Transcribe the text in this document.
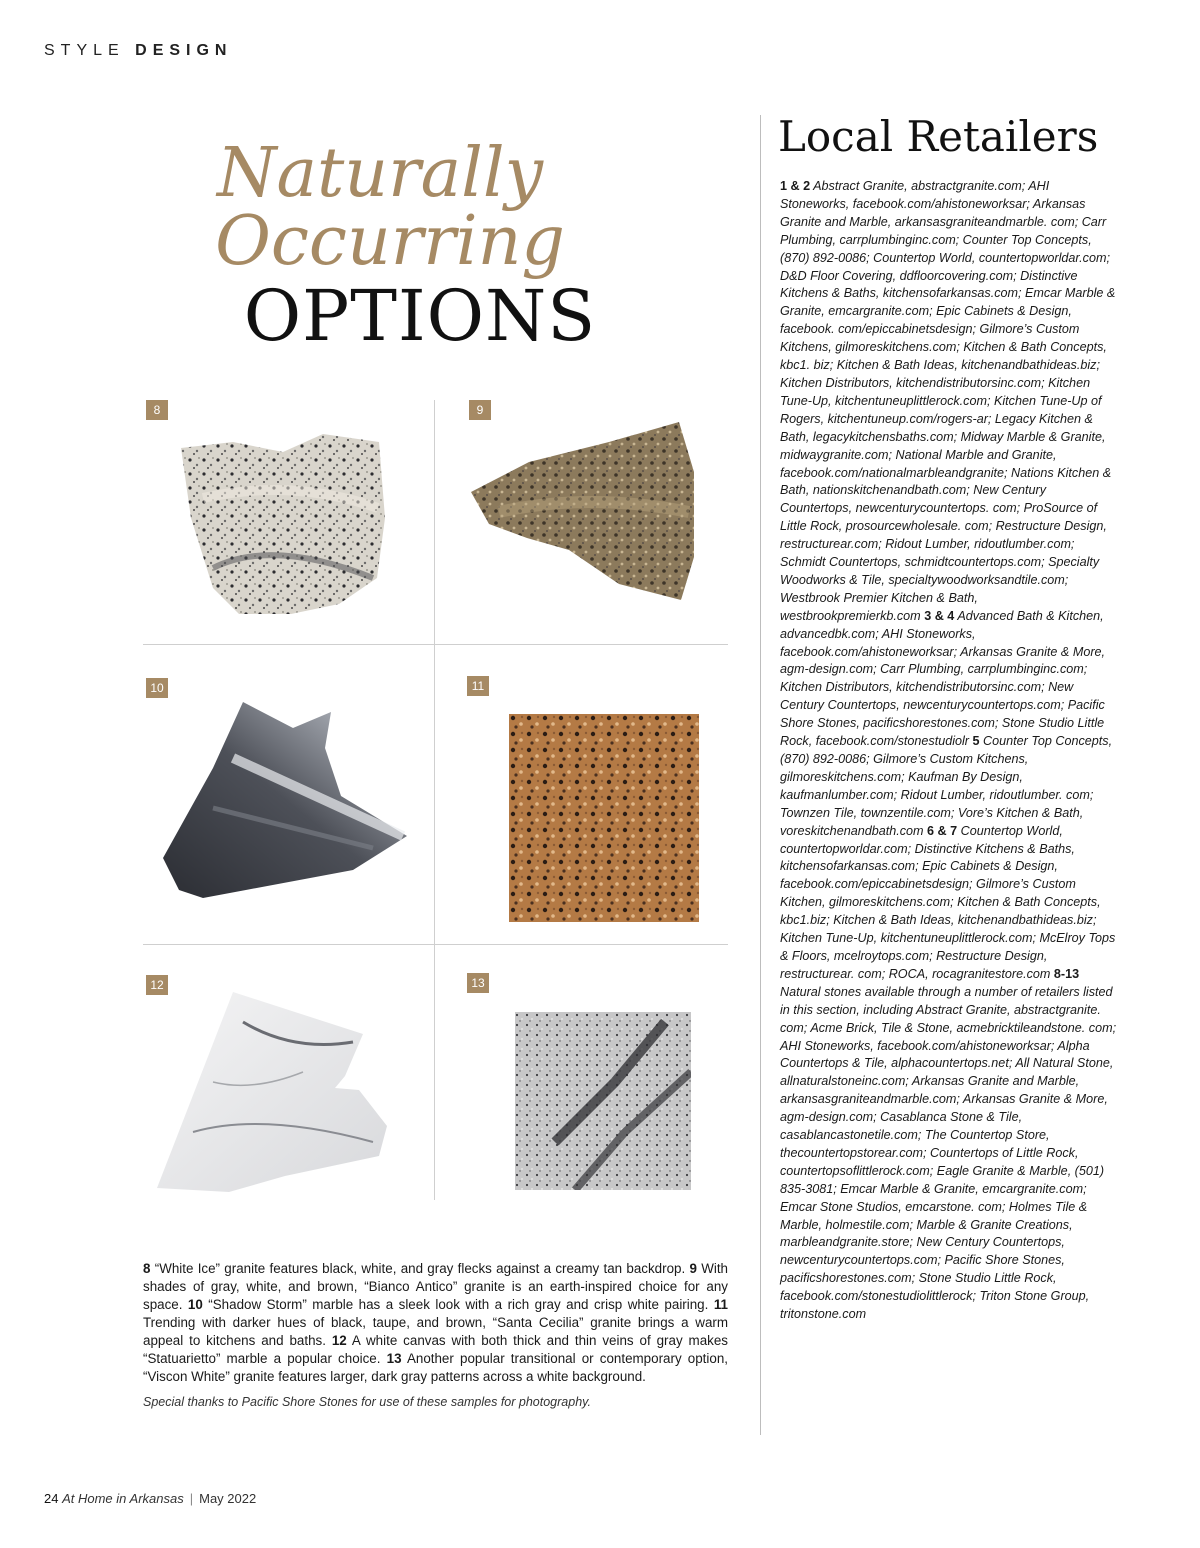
STYLE DESIGN
Naturally
Occurring
OPTIONS
8	9
10	11
12	13
8 “White Ice” granite features black, white, and gray flecks against a creamy tan backdrop. 9 With shades of gray, white, and brown, “Bianco Antico” granite is an earth-inspired choice for any space. 10 “Shadow Storm” marble has a sleek look with a rich gray and crisp white pairing. 11 Trending with darker hues of black, taupe, and brown, “Santa Cecilia” granite brings a warm appeal to kitchens and baths. 12 A white canvas with both thick and thin veins of gray makes “Statuarietto” marble a popular choice. 13 Another popular transitional or contemporary option, “Viscon White” granite features larger, dark gray patterns across a white background.
Special thanks to Pacific Shore Stones for use of these samples for photography.
Local Retailers
1 & 2 Abstract Granite, abstractgranite.com; AHI Stoneworks, facebook.com/ahistoneworksar; Arkansas Granite and Marble, arkansasgraniteandmarble. com; Carr Plumbing, carrplumbinginc.com; Counter Top Concepts, (870) 892-0086; Countertop World, countertopworldar.com; D&D Floor Covering, ddfloorcovering.com; Distinctive Kitchens & Baths, kitchensofarkansas.com; Emcar Marble & Granite, emcargranite.com; Epic Cabinets & Design, facebook. com/epiccabinetsdesign; Gilmore’s Custom Kitchens, gilmoreskitchens.com; Kitchen & Bath Concepts, kbc1. biz; Kitchen & Bath Ideas, kitchenandbathideas.biz; Kitchen Distributors, kitchendistributorsinc.com; Kitchen Tune-Up, kitchentuneuplittlerock.com; Kitchen Tune-Up of Rogers, kitchentuneup.com/rogers-ar; Legacy Kitchen & Bath, legacykitchensbaths.com; Midway Marble & Granite, midwaygranite.com; National Marble and Granite, facebook.com/nationalmarbleandgranite; Nations Kitchen & Bath, nationskitchenandbath.com; New Century Countertops, newcenturycountertops. com; ProSource of Little Rock, prosourcewholesale. com; Restructure Design, restructurear.com; Ridout Lumber, ridoutlumber.com; Schmidt Countertops, schmidtcountertops.com; Specialty Woodworks & Tile, specialtywoodworksandtile.com; Westbrook Premier Kitchen & Bath, westbrookpremierkb.com 3 & 4 Advanced Bath & Kitchen, advancedbk.com; AHI Stoneworks, facebook.com/ahistoneworksar; Arkansas Granite & More, agm-design.com; Carr Plumbing, carrplumbinginc.com; Kitchen Distributors, kitchendistributorsinc.com; New Century Countertops, newcenturycountertops.com; Pacific Shore Stones, pacificshorestones.com; Stone Studio Little Rock, facebook.com/stonestudiolr 5 Counter Top Concepts, (870) 892-0086; Gilmore’s Custom Kitchens, gilmoreskitchens.com; Kaufman By Design, kaufmanlumber.com; Ridout Lumber, ridoutlumber. com; Townzen Tile, townzentile.com; Vore’s Kitchen & Bath, voreskitchenandbath.com 6 & 7 Countertop World, countertopworldar.com; Distinctive Kitchens & Baths, kitchensofarkansas.com; Epic Cabinets & Design, facebook.com/epiccabinetsdesign; Gilmore’s Custom Kitchen, gilmoreskitchens.com; Kitchen & Bath Concepts, kbc1.biz; Kitchen & Bath Ideas, kitchenandbathideas.biz; Kitchen Tune-Up, kitchentuneuplittlerock.com; McElroy Tops & Floors, mcelroytops.com; Restructure Design, restructurear. com; ROCA, rocagranitestore.com 8-13 Natural stones available through a number of retailers listed in this section, including Abstract Granite, abstractgranite. com; Acme Brick, Tile & Stone, acmebricktileandstone. com; AHI Stoneworks, facebook.com/ahistoneworksar; Alpha Countertops & Tile, alphacountertops.net; All Natural Stone, allnaturalstoneinc.com; Arkansas Granite and Marble, arkansasgraniteandmarble.com; Arkansas Granite & More, agm-design.com; Casablanca Stone & Tile, casablancastonetile.com; The Countertop Store, thecountertopstorear.com; Countertops of Little Rock, countertopsoflittlerock.com; Eagle Granite & Marble, (501) 835-3081; Emcar Marble & Granite, emcargranite.com; Emcar Stone Studios, emcarstone. com; Holmes Tile & Marble, holmestile.com; Marble & Granite Creations, marbleandgranite.store; New Century Countertops, newcenturycountertops.com; Pacific Shore Stones, pacificshorestones.com; Stone Studio Little Rock, facebook.com/stonestudiolittlerock; Triton Stone Group, tritonstone.com
24 At Home in Arkansas | May 2022
